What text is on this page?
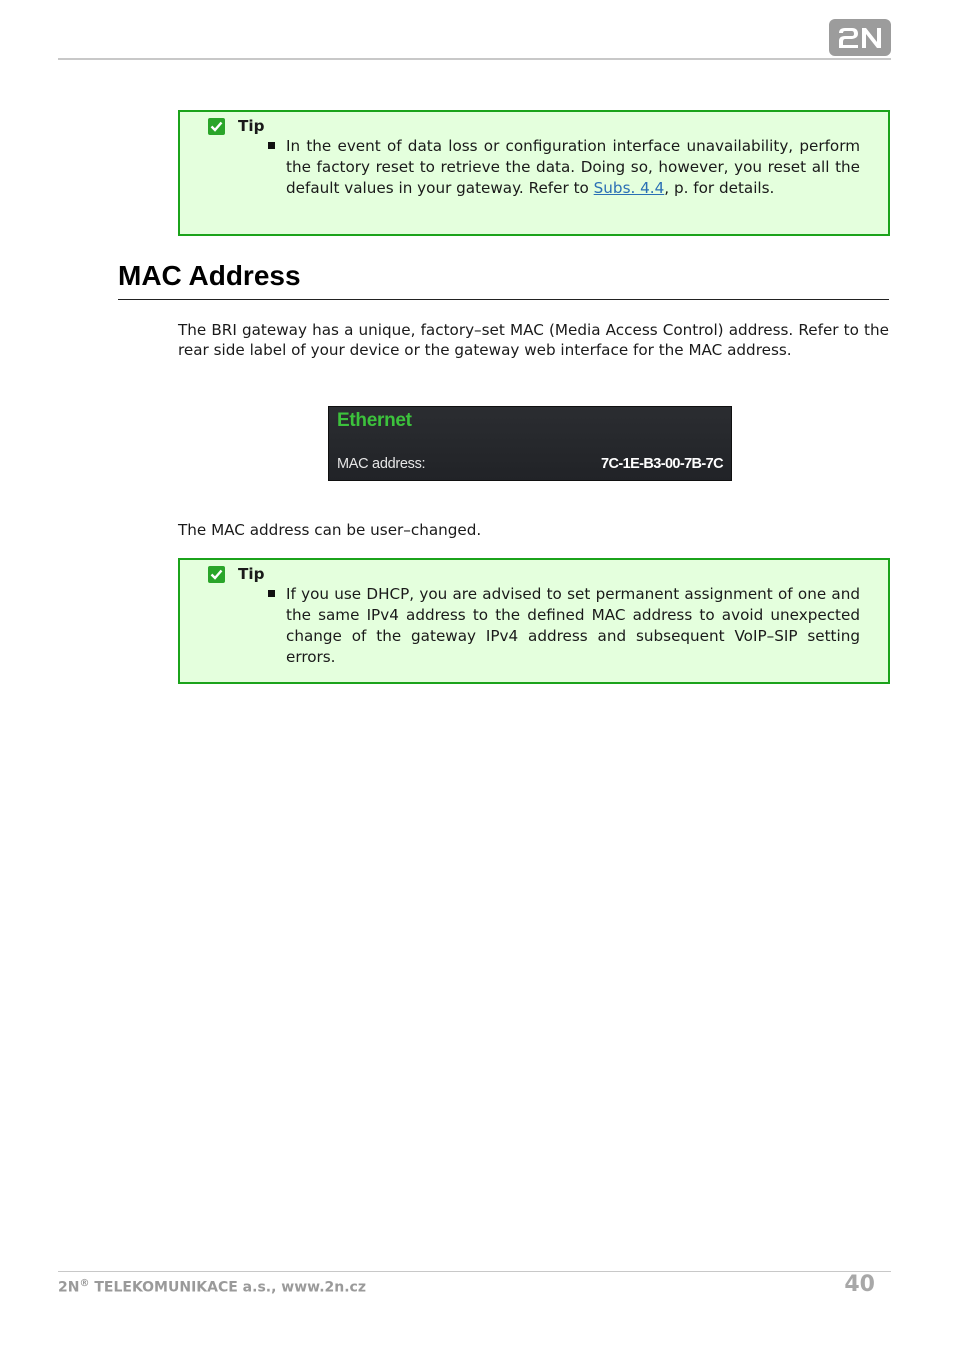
Tip

In the event of data loss or configuration interface unavailability, perform the factory reset to retrieve the data. Doing so, however, you reset all the default values in your gateway. Refer to Subs. 4.4, p. for details.

MAC Address

The BRI gateway has a unique, factory–set MAC (Media Access Control) address. Refer to the rear side label of your device or the gateway web interface for the MAC address.

Ethernet
MAC address:	7C-1E-B3-00-7B-7C

The MAC address can be user–changed.

Tip

If you use DHCP, you are advised to set permanent assignment of one and the same IPv4 address to the defined MAC address to avoid unexpected change of the gateway IPv4 address and subsequent VoIP–SIP setting errors.

2N® TELEKOMUNIKACE a.s., www.2n.cz	40
